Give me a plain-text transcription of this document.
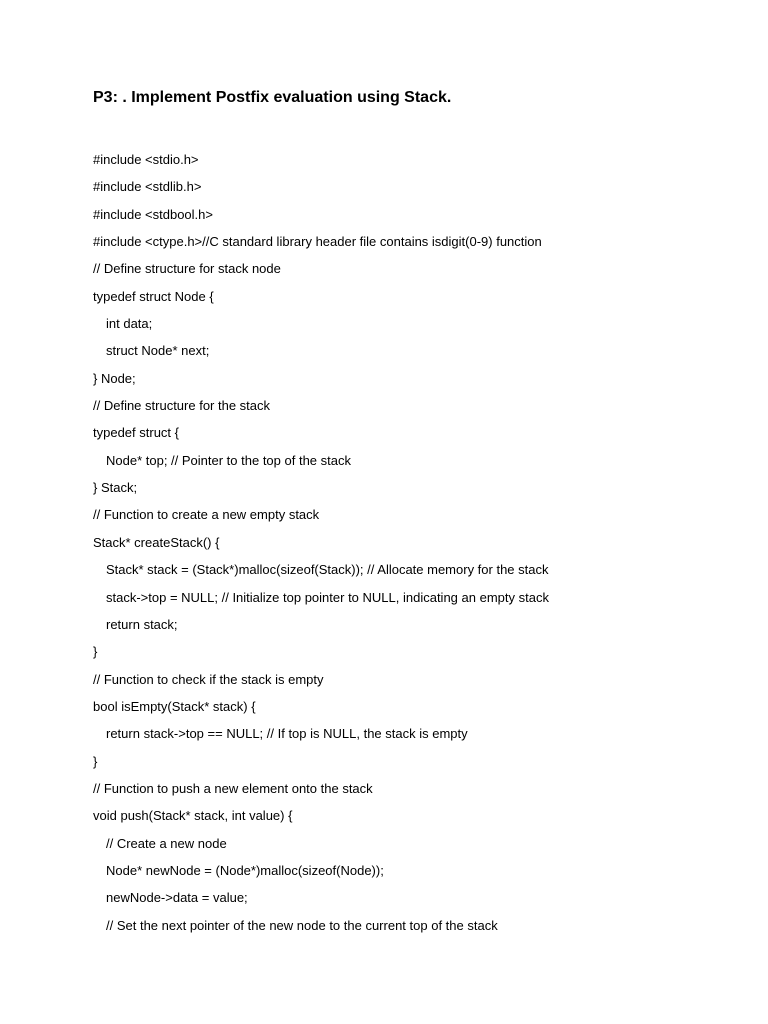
P3: . Implement Postfix evaluation using Stack.
#include <stdio.h>
#include <stdlib.h>
#include <stdbool.h>
#include <ctype.h>//C standard library header file contains isdigit(0-9) function
// Define structure for stack node
typedef struct Node {
int data;
struct Node* next;
} Node;
// Define structure for the stack
typedef struct {
Node* top; // Pointer to the top of the stack
} Stack;
// Function to create a new empty stack
Stack* createStack() {
Stack* stack = (Stack*)malloc(sizeof(Stack)); // Allocate memory for the stack
stack->top = NULL; // Initialize top pointer to NULL, indicating an empty stack
return stack;
}
// Function to check if the stack is empty
bool isEmpty(Stack* stack) {
return stack->top == NULL; // If top is NULL, the stack is empty
}
// Function to push a new element onto the stack
void push(Stack* stack, int value) {
// Create a new node
Node* newNode = (Node*)malloc(sizeof(Node));
newNode->data = value;
// Set the next pointer of the new node to the current top of the stack
